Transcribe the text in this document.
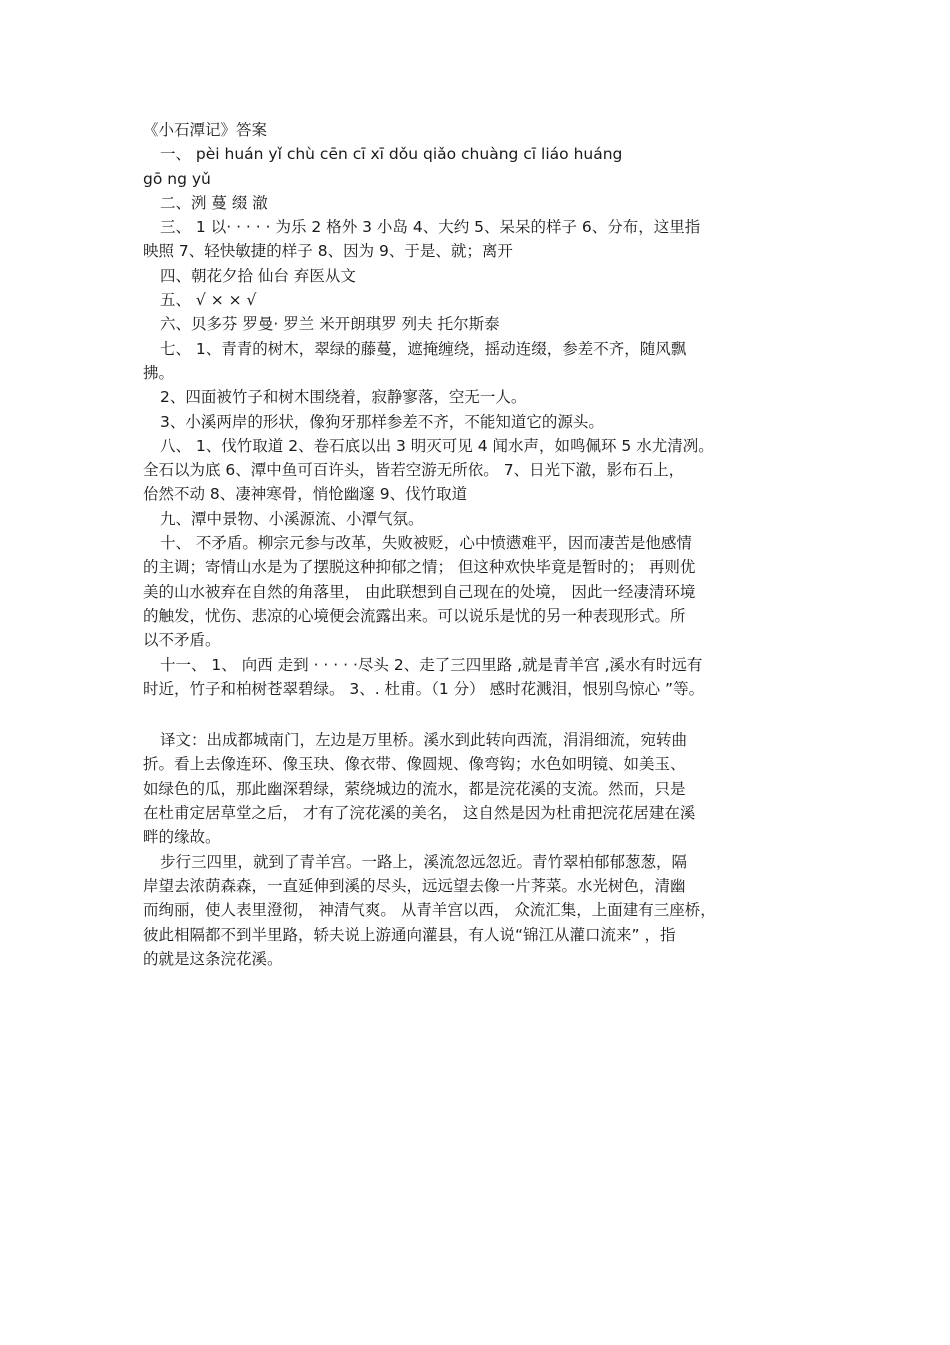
《小石潭记》答案
一、 pèi huán yǐ chù cēn cī xī dǒu qiǎo chuàng cī liáo huáng
gō ng yǔ
二、洌 蔓 缀 澈
三、 1 以· · · · · 为乐 2 格外 3 小岛 4、大约 5、呆呆的样子 6、分布，这里指
映照 7、轻快敏捷的样子 8、因为 9、于是、就；离开
四、朝花夕拾 仙台 弃医从文
五、 √ × × √
六、贝多芬 罗曼· 罗兰 米开朗琪罗 列夫 托尔斯泰
七、 1、青青的树木，翠绿的藤蔓，遮掩缠绕，摇动连缀，参差不齐，随风飘
拂。
2、四面被竹子和树木围绕着，寂静寥落，空无一人。
3、小溪两岸的形状，像狗牙那样参差不齐，不能知道它的源头。
八、 1、伐竹取道 2、卷石底以出 3 明灭可见 4 闻水声，如鸣佩环 5 水尤清冽。
全石以为底 6、潭中鱼可百许头，皆若空游无所依。 7、日光下澈，影布石上，
佁然不动 8、凄神寒骨，悄怆幽邃 9、伐竹取道
九、潭中景物、小溪源流、小潭气氛。
十、 不矛盾。柳宗元参与改革，失败被贬，心中愤懑难平，因而凄苦是他感情
的主调；寄情山水是为了摆脱这种抑郁之情； 但这种欢快毕竟是暂时的； 再则优
美的山水被弃在自然的角落里， 由此联想到自己现在的处境， 因此一经凄清环境
的触发，忧伤、悲凉的心境便会流露出来。可以说乐是忧的另一种表现形式。所
以不矛盾。
十一、 1、 向西 走到 · · · · ·尽头 2、走了三四里路 ,就是青羊宫 ,溪水有时远有
时近，竹子和柏树苍翠碧绿。 3、. 杜甫。（1 分） 感时花溅泪，恨别鸟惊心 ”等。
译文：出成都城南门，左边是万里桥。溪水到此转向西流，涓涓细流，宛转曲
折。看上去像连环、像玉玦、像衣带、像圆规、像弯钩；水色如明镜、如美玉、
如绿色的瓜，那此幽深碧绿，萦绕城边的流水，都是浣花溪的支流。然而，只是
在杜甫定居草堂之后， 才有了浣花溪的美名， 这自然是因为杜甫把浣花居建在溪
畔的缘故。
步行三四里，就到了青羊宫。一路上，溪流忽远忽近。青竹翠柏郁郁葱葱，隔
岸望去浓荫森森，一直延伸到溪的尽头，远远望去像一片荠菜。水光树色，清幽
而绚丽，使人表里澄彻， 神清气爽。 从青羊宫以西， 众流汇集，上面建有三座桥，
彼此相隔都不到半里路，轿夫说上游通向灌县，有人说“锦江从灌口流来” ，指
的就是这条浣花溪。
